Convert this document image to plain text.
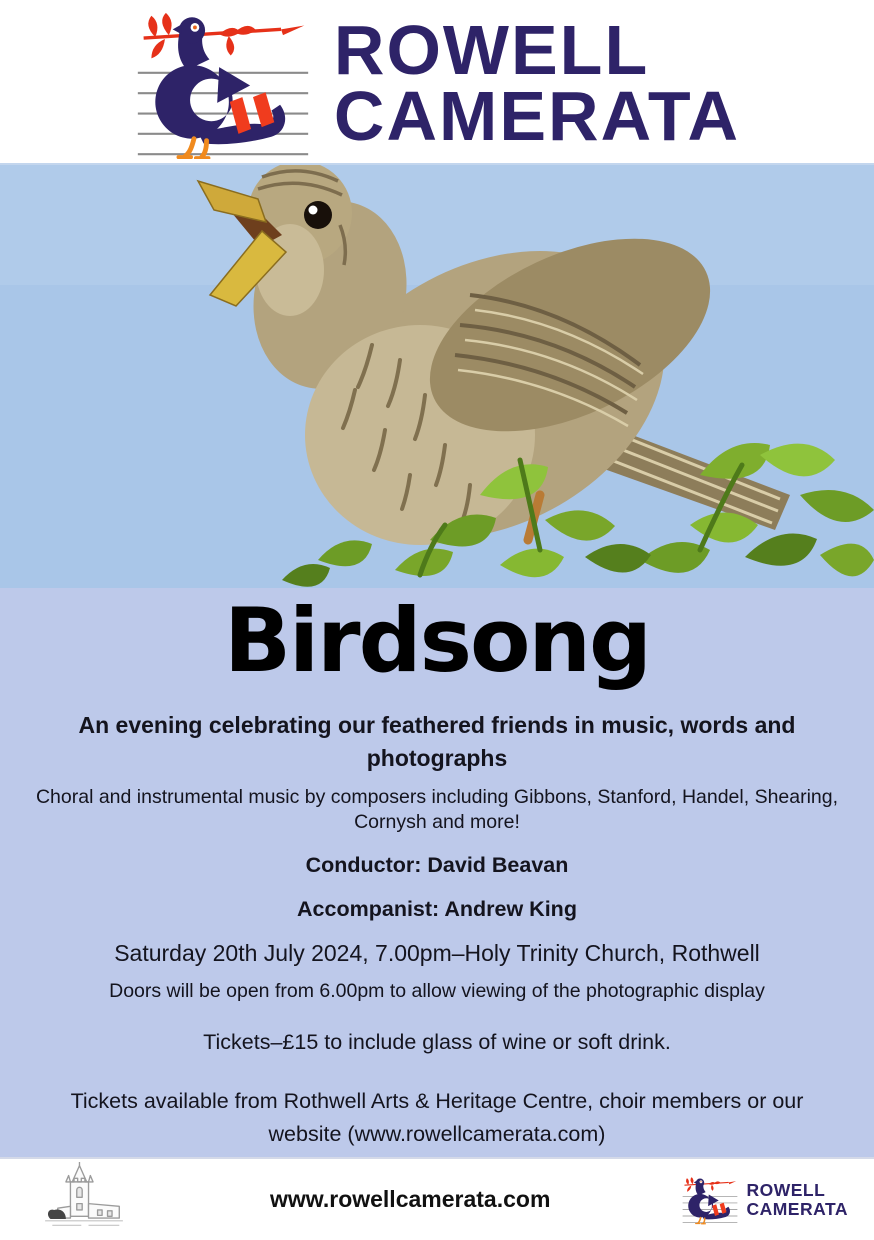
ROWELL
CAMERATA
Birdsong

An evening celebrating our feathered friends in music, words and photographs

Choral and instrumental music by composers including Gibbons, Stanford, Handel, Shearing, Cornysh and more!

Conductor: David Beavan

Accompanist: Andrew King

Saturday 20th July 2024, 7.00pm–Holy Trinity Church, Rothwell

Doors will be open from 6.00pm to allow viewing of the photographic display

Tickets–£15 to include glass of wine or soft drink.

Tickets available from Rothwell Arts & Heritage Centre, choir members or our website (www.rowellcamerata.com)

www.rowellcamerata.com	ROWELL
CAMERATA
